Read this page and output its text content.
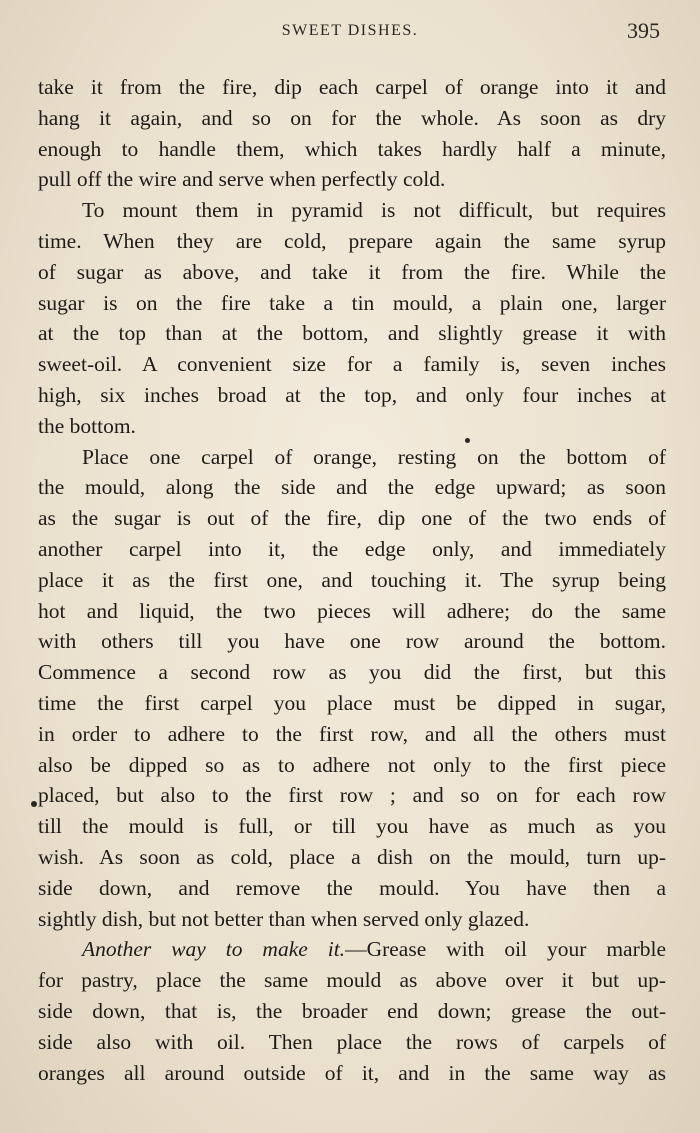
SWEET DISHES.	395
take it from the fire, dip each carpel of orange into it and
hang it again, and so on for the whole. As soon as dry
enough to handle them, which takes hardly half a minute,
pull off the wire and serve when perfectly cold.
To mount them in pyramid is not difficult, but requires
time. When they are cold, prepare again the same syrup
of sugar as above, and take it from the fire. While the
sugar is on the fire take a tin mould, a plain one, larger
at the top than at the bottom, and slightly grease it with
sweet-oil. A convenient size for a family is, seven inches
high, six inches broad at the top, and only four inches at
the bottom.
Place one carpel of orange, resting on the bottom of
the mould, along the side and the edge upward; as soon
as the sugar is out of the fire, dip one of the two ends of
another carpel into it, the edge only, and immediately
place it as the first one, and touching it. The syrup being
hot and liquid, the two pieces will adhere; do the same
with others till you have one row around the bottom.
Commence a second row as you did the first, but this
time the first carpel you place must be dipped in sugar,
in order to adhere to the first row, and all the others must
also be dipped so as to adhere not only to the first piece
placed, but also to the first row ; and so on for each row
till the mould is full, or till you have as much as you
wish. As soon as cold, place a dish on the mould, turn up-
side down, and remove the mould. You have then a
sightly dish, but not better than when served only glazed.
Another way to make it.—Grease with oil your marble
for pastry, place the same mould as above over it but up-
side down, that is, the broader end down; grease the out-
side also with oil. Then place the rows of carpels of
oranges all around outside of it, and in the same way as
